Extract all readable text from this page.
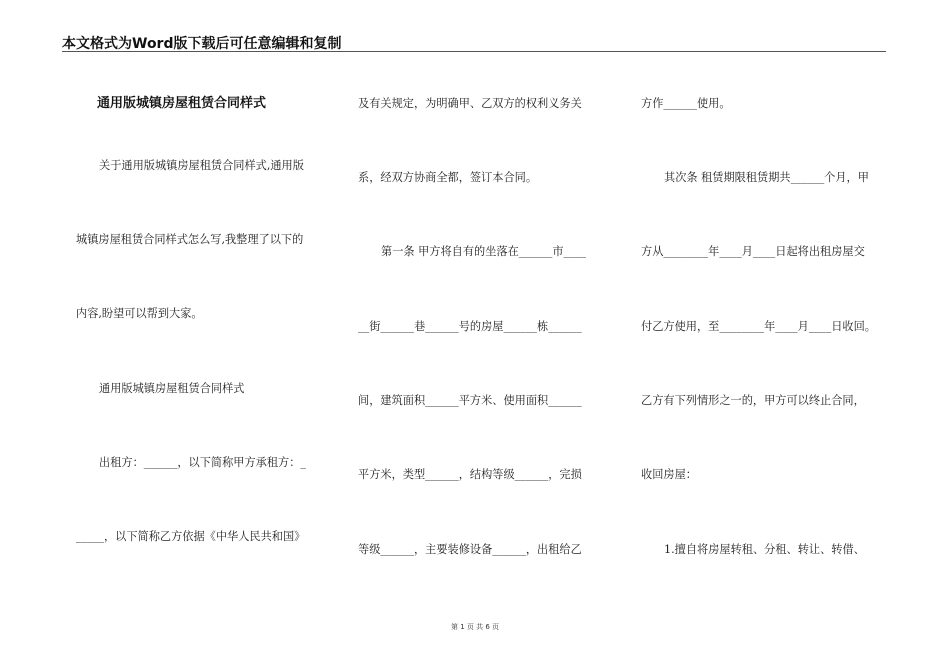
本文格式为Word版下载后可任意编辑和复制
通用版城镇房屋租赁合同样式
关于通用版城镇房屋租赁合同样式,通用版
城镇房屋租赁合同样式怎么写,我整理了以下的
内容,盼望可以帮到大家。
通用版城镇房屋租赁合同样式
出租方：______，以下简称甲方承租方：_
_____，以下简称乙方依据《中华人民共和国》
及有关规定，为明确甲、乙双方的权利义务关
系，经双方协商全都，签订本合同。
第一条 甲方将自有的坐落在______市____
__街______巷______号的房屋______栋______
间，建筑面积______平方米、使用面积______
平方米，类型______，结构等级______，完损
等级______，主要装修设备______，出租给乙
方作______使用。
其次条 租赁期限租赁期共______个月，甲
方从________年____月____日起将出租房屋交
付乙方使用，至________年____月____日收回。
乙方有下列情形之一的，甲方可以终止合同，
收回房屋：
1.擅自将房屋转租、分租、转让、转借、
第 1 页 共 6 页
